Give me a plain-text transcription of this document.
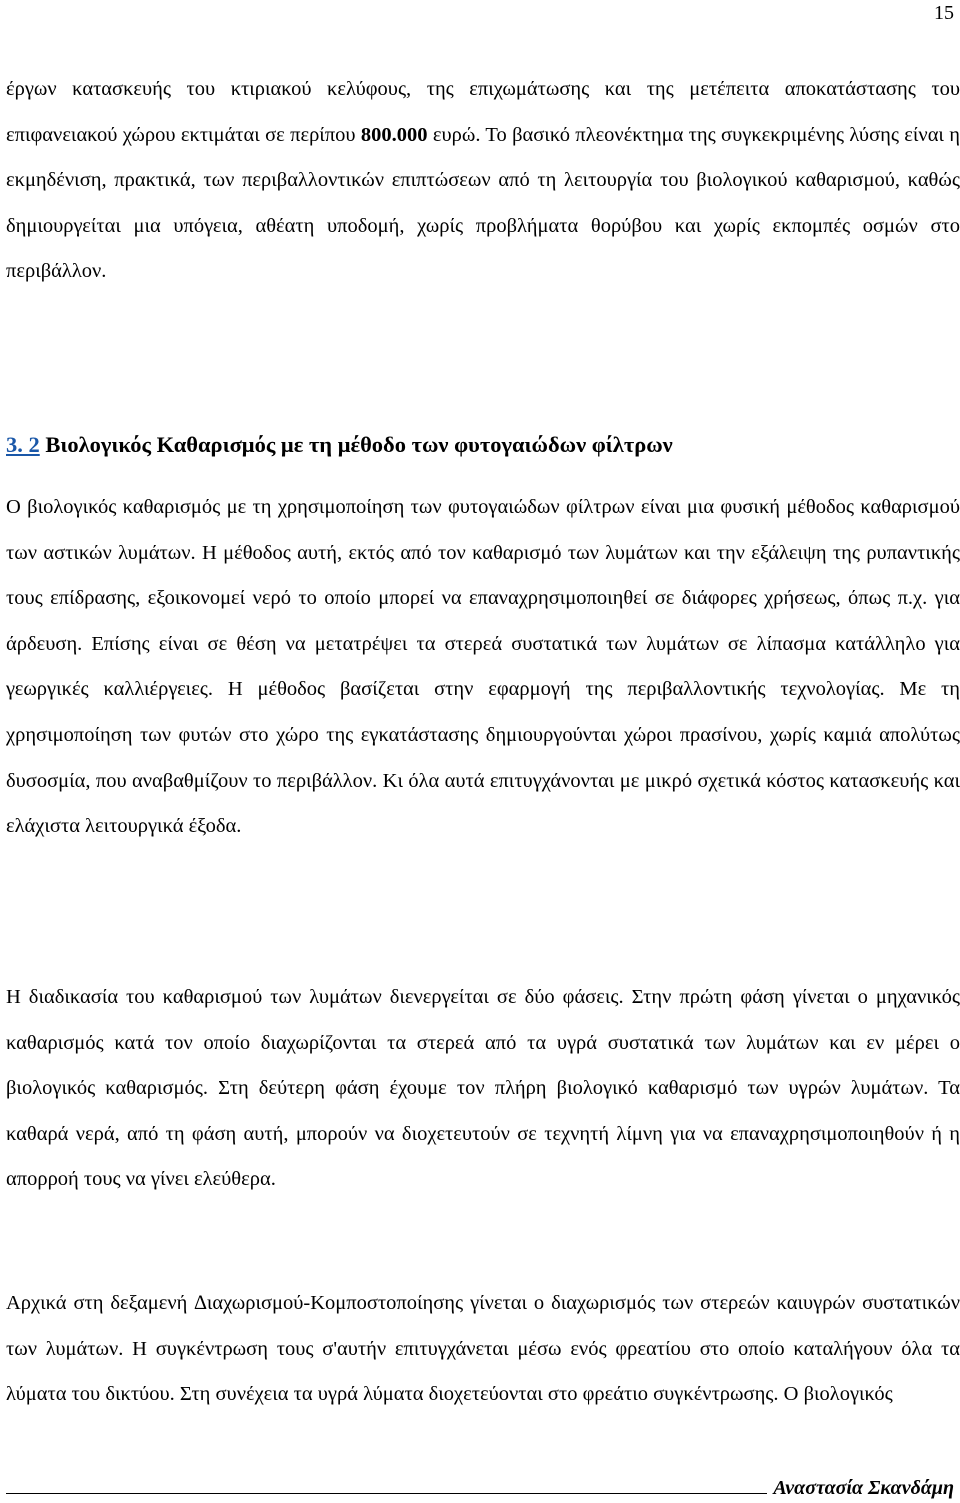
15

έργων κατασκευής του κτιριακού κελύφους, της επιχωμάτωσης και της μετέπειτα αποκατάστασης του επιφανειακού χώρου εκτιμάται σε περίπου 800.000 ευρώ. Το βασικό πλεονέκτημα της συγκεκριμένης λύσης είναι η εκμηδένιση, πρακτικά, των περιβαλλοντικών επιπτώσεων από τη λειτουργία του βιολογικού καθαρισμού, καθώς δημιουργείται μια υπόγεια, αθέατη υποδομή, χωρίς προβλήματα θορύβου και χωρίς εκπομπές οσμών στο περιβάλλον.

3. 2 Βιολογικός Καθαρισμός με τη μέθοδο των φυτογαιώδων φίλτρων

Ο βιολογικός καθαρισμός με τη χρησιμοποίηση των φυτογαιώδων φίλτρων είναι μια φυσική μέθοδος καθαρισμού των αστικών λυμάτων. Η μέθοδος αυτή, εκτός από τον καθαρισμό των λυμάτων και την εξάλειψη της ρυπαντικής τους επίδρασης, εξοικονομεί νερό το οποίο μπορεί να επαναχρησιμοποιηθεί σε διάφορες χρήσεως, όπως π.χ. για άρδευση. Επίσης είναι σε θέση να μετατρέψει τα στερεά συστατικά των λυμάτων σε λίπασμα κατάλληλο για γεωργικές καλλιέργειες. Η μέθοδος βασίζεται στην εφαρμογή της περιβαλλοντικής τεχνολογίας. Με τη χρησιμοποίηση των φυτών στο χώρο της εγκατάστασης δημιουργούνται χώροι πρασίνου, χωρίς καμιά απολύτως δυσοσμία, που αναβαθμίζουν το περιβάλλον. Κι όλα αυτά επιτυγχάνονται με μικρό σχετικά κόστος κατασκευής και ελάχιστα λειτουργικά έξοδα.

Η διαδικασία του καθαρισμού των λυμάτων διενεργείται σε δύο φάσεις. Στην πρώτη φάση γίνεται ο μηχανικός καθαρισμός κατά τον οποίο διαχωρίζονται τα στερεά από τα υγρά συστατικά των λυμάτων και εν μέρει ο βιολογικός καθαρισμός. Στη δεύτερη φάση έχουμε τον πλήρη βιολογικό καθαρισμό των υγρών λυμάτων. Τα καθαρά νερά, από τη φάση αυτή, μπορούν να διοχετευτούν σε τεχνητή λίμνη για να επαναχρησιμοποιηθούν ή η απορροή τους να γίνει ελεύθερα.

Αρχικά στη δεξαμενή ∆ιαχωρισμού-Κομποστοποίησης γίνεται ο διαχωρισμός των στερεών καιυγρών συστατικών των λυμάτων. Η συγκέντρωση τους σ'αυτήν επιτυγχάνεται μέσω ενός φρεατίου στο οποίο καταλήγουν όλα τα λύματα του δικτύου. Στη συνέχεια τα υγρά λύματα διοχετεύονται στο φρεάτιο συγκέντρωσης. Ο βιολογικός

Αναστασία Σκανδάμη
